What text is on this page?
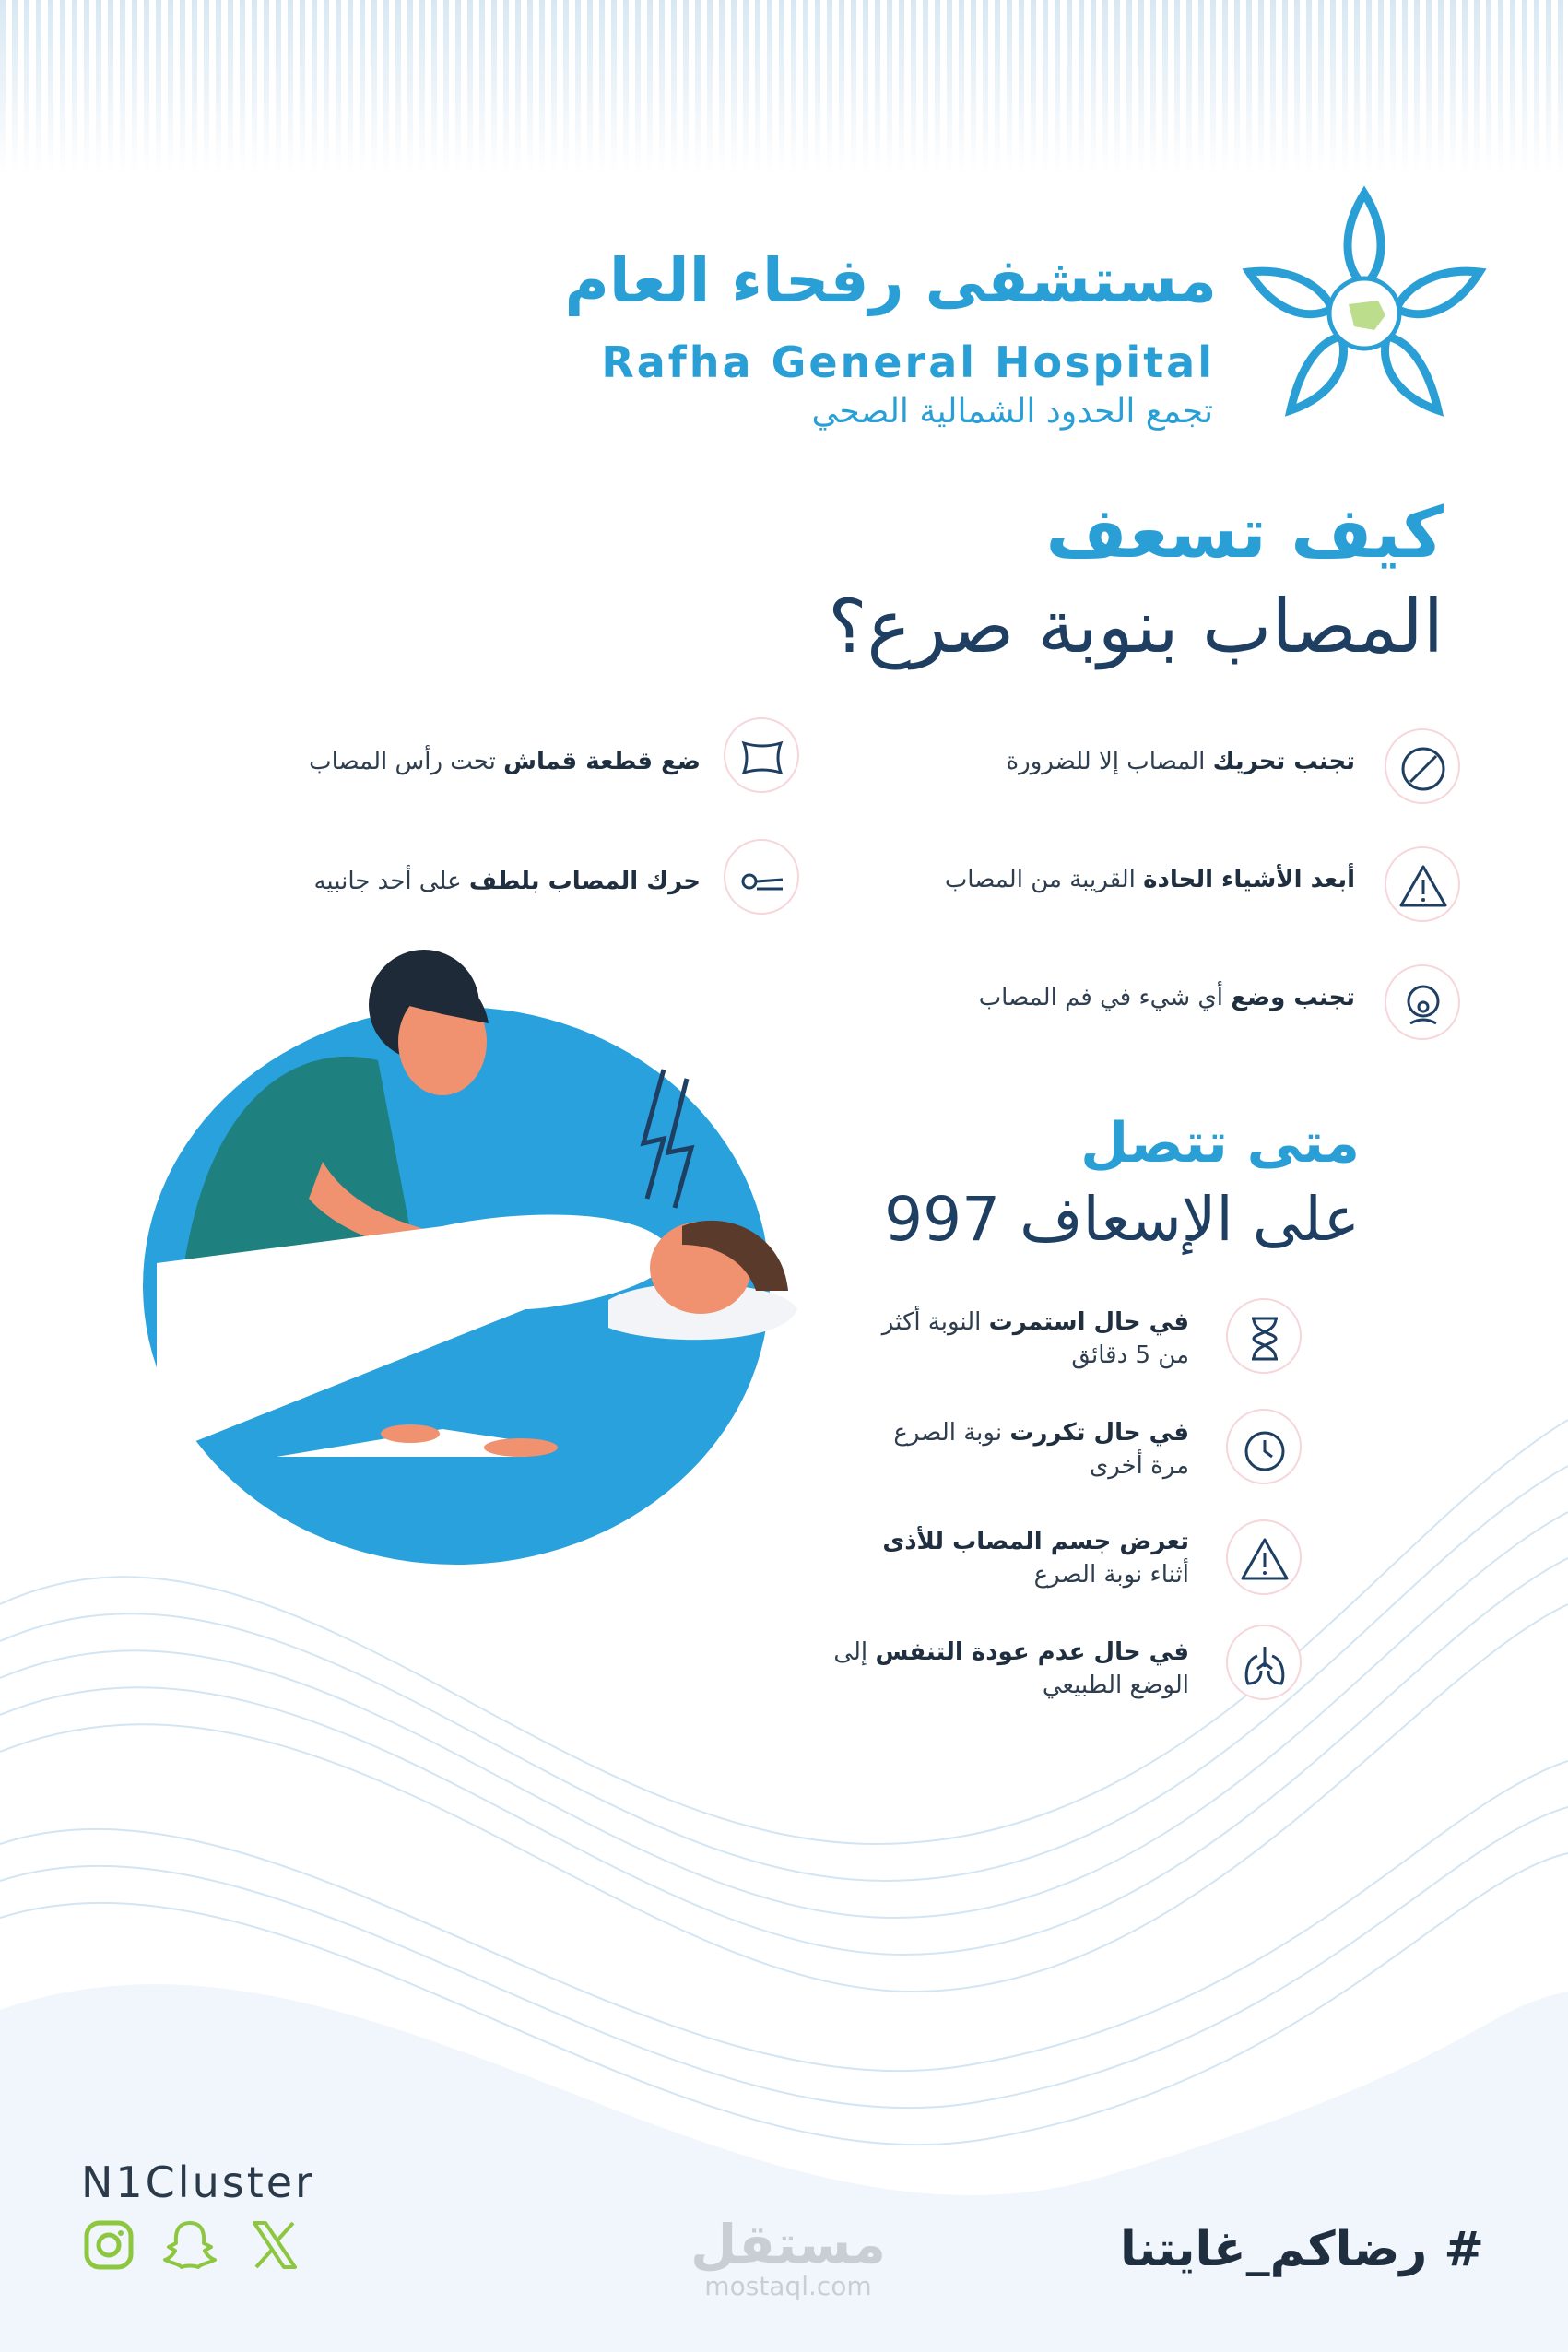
مستشفى رفحاء العام
Rafha General Hospital
تجمع الحدود الشمالية الصحي
كيف تسعف
المصاب بنوبة صرع؟
تجنب تحريك المصاب إلا للضرورة
أبعد الأشياء الحادة القريبة من المصاب
تجنب وضع أي شيء في فم المصاب
ضع قطعة قماش تحت رأس المصاب
حرك المصاب بلطف على أحد جانبيه
متى تتصل
على الإسعاف 997
في حال استمرت النوبة أكثر
من 5 دقائق
في حال تكررت نوبة الصرع
مرة أخرى
تعرض جسم المصاب للأذى
أثناء نوبة الصرع
في حال عدم عودة التنفس إلى
الوضع الطبيعي
N1Cluster
مستقل
mostaql.com
# رضاكم_غايتنا
